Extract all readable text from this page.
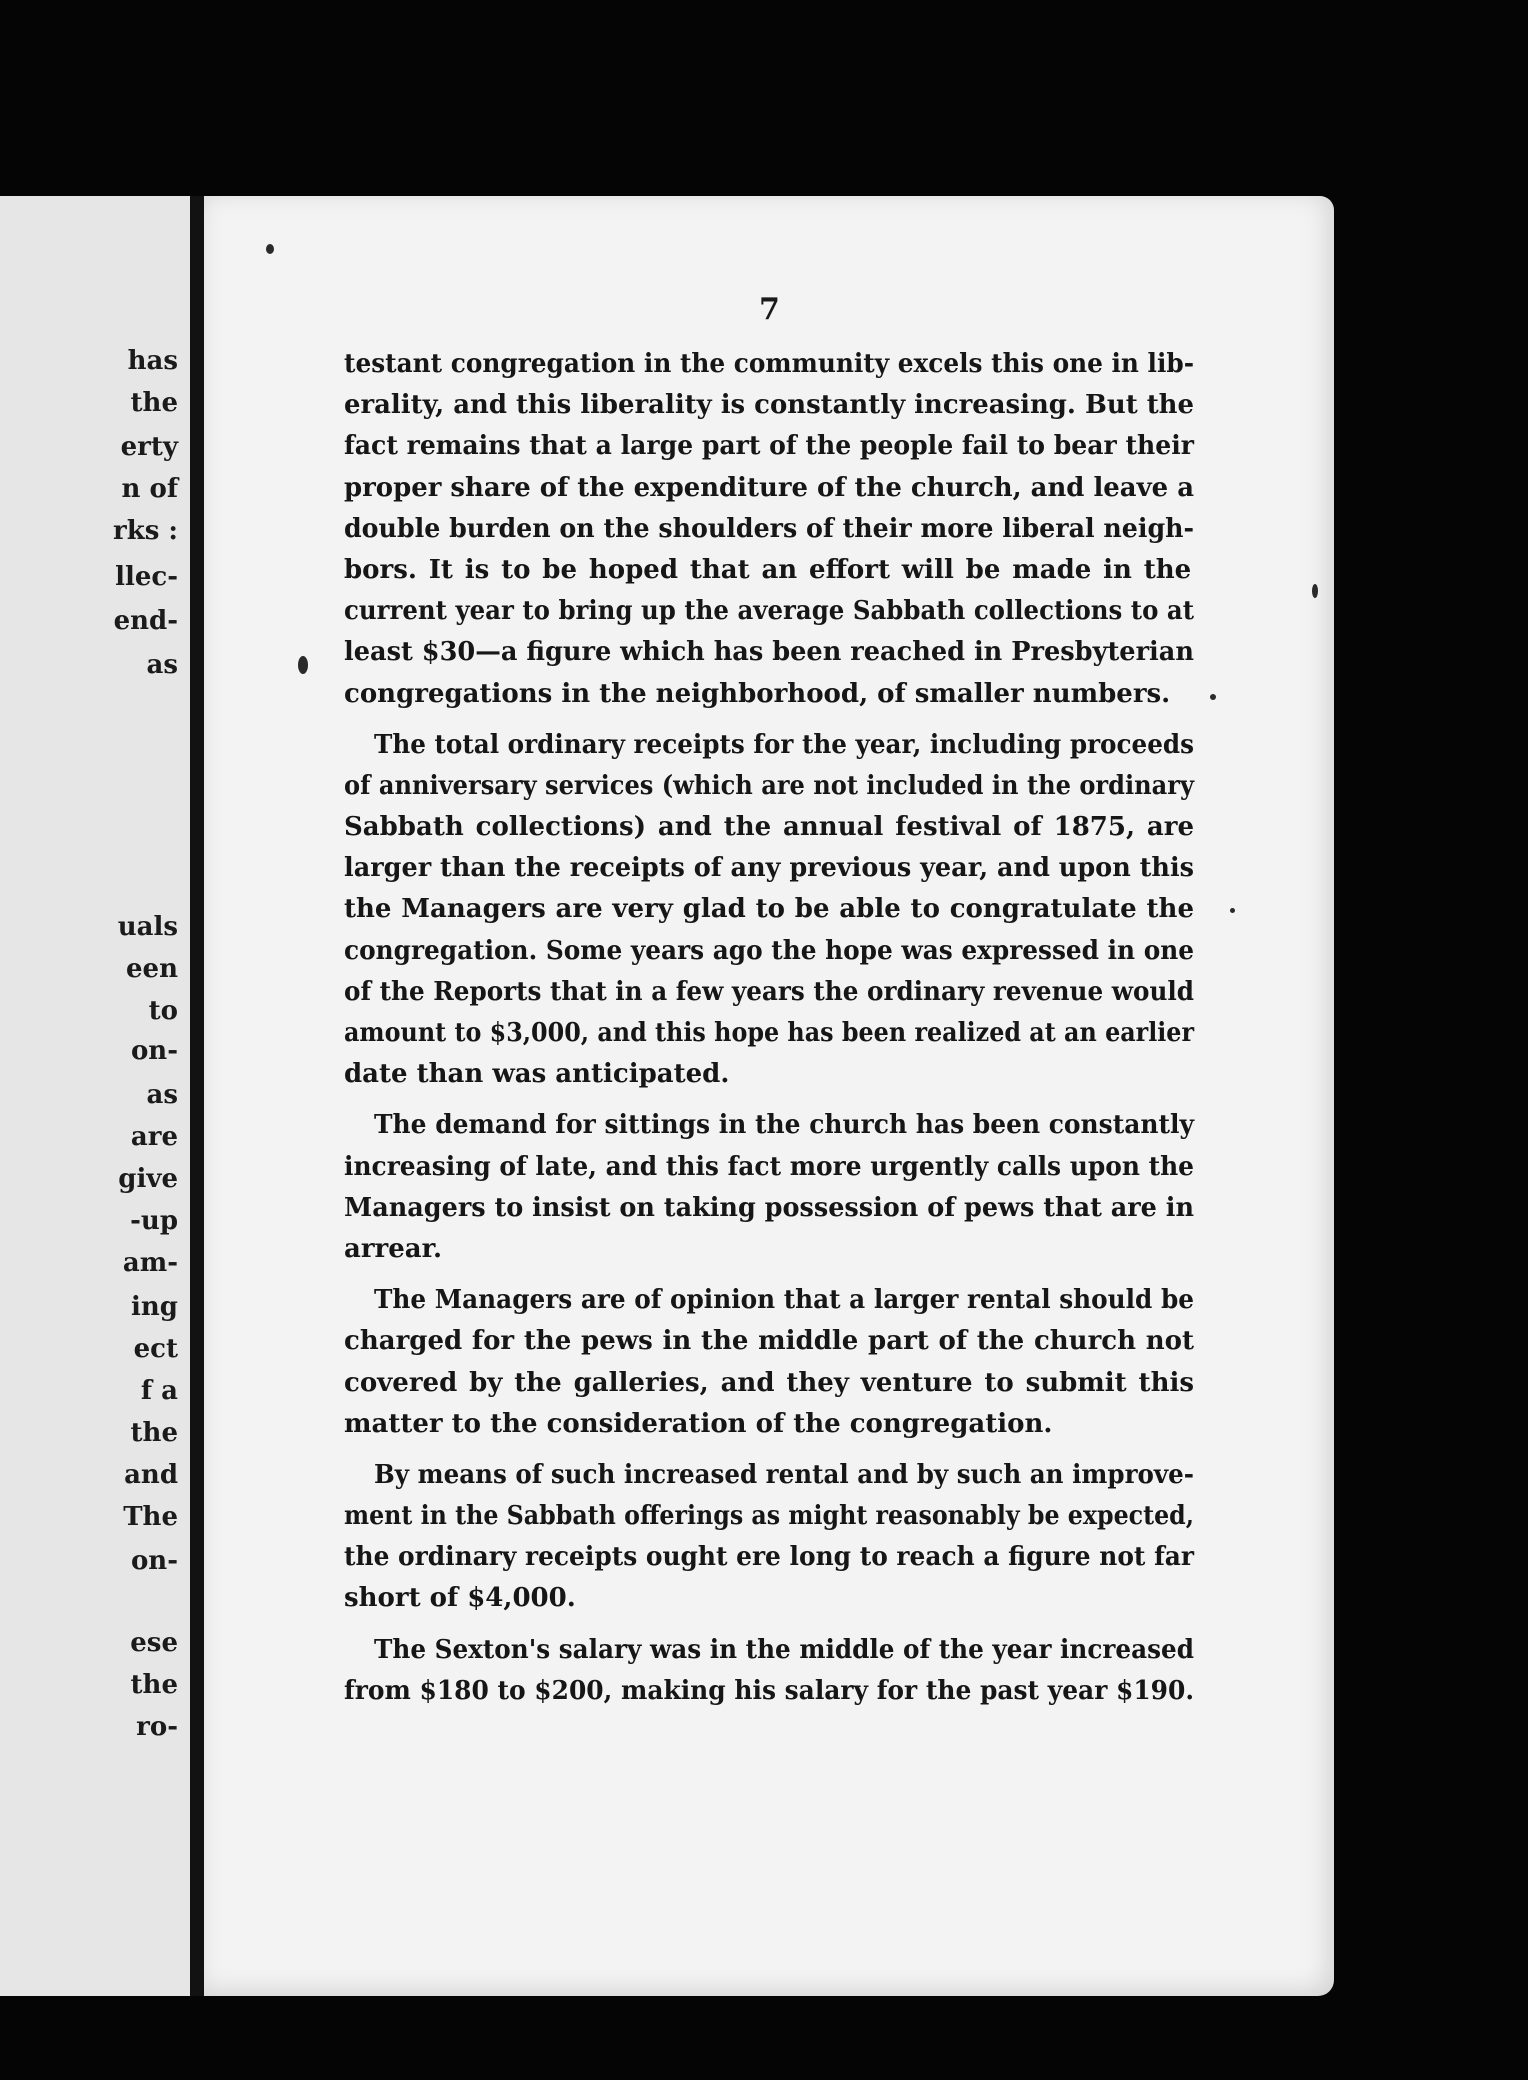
has
the
erty
n of
rks :
llec-
end-
as
uals
een
to
on-
as
are
give
-up
am-
ing
ect
f a
the
and
The
on-
ese
the
ro-
7
testant congregation in the community excels this one in lib-
erality, and this liberality is constantly increasing. But the
fact remains that a large part of the people fail to bear their
proper share of the expenditure of the church, and leave a
double burden on the shoulders of their more liberal neigh-
bors. It is to be hoped that an effort will be made in the
current year to bring up the average Sabbath collections to at
least $30—a figure which has been reached in Presbyterian
congregations in the neighborhood, of smaller numbers.
The total ordinary receipts for the year, including proceeds
of anniversary services (which are not included in the ordinary
Sabbath collections) and the annual festival of 1875, are
larger than the receipts of any previous year, and upon this
the Managers are very glad to be able to congratulate the
congregation. Some years ago the hope was expressed in one
of the Reports that in a few years the ordinary revenue would
amount to $3,000, and this hope has been realized at an earlier
date than was anticipated.
The demand for sittings in the church has been constantly
increasing of late, and this fact more urgently calls upon the
Managers to insist on taking possession of pews that are in
arrear.
The Managers are of opinion that a larger rental should be
charged for the pews in the middle part of the church not
covered by the galleries, and they venture to submit this
matter to the consideration of the congregation.
By means of such increased rental and by such an improve-
ment in the Sabbath offerings as might reasonably be expected,
the ordinary receipts ought ere long to reach a figure not far
short of $4,000.
The Sexton's salary was in the middle of the year increased
from $180 to $200, making his salary for the past year $190.
